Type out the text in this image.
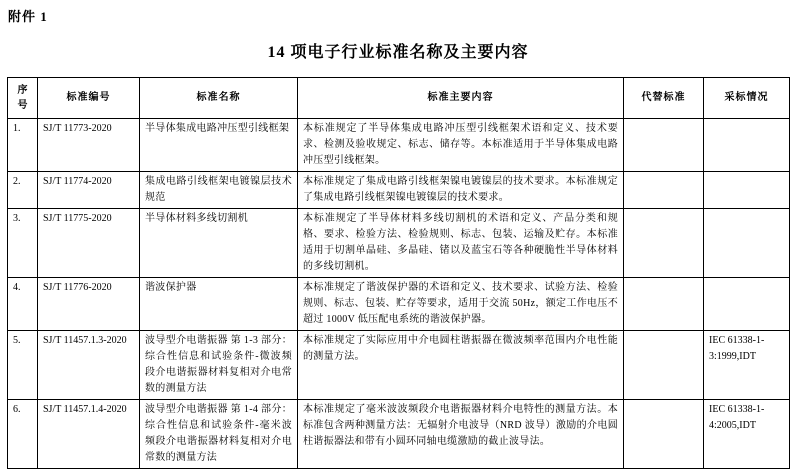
附件 1
14 项电子行业标准名称及主要内容
序号	标准编号	标准名称	标准主要内容	代替标准	采标情况
1.	SJ/T 11773-2020	半导体集成电路冲压型引线框架	本标准规定了半导体集成电路冲压型引线框架术语和定义、技术要求、检测及验收规定、标志、储存等。本标准适用于半导体集成电路冲压型引线框架。		
2.	SJ/T 11774-2020	集成电路引线框架电镀镍层技术规范	本标准规定了集成电路引线框架镍电镀镍层的技术要求。本标准规定了集成电路引线框架镍电镀镍层的技术要求。		
3.	SJ/T 11775-2020	半导体材料多线切割机	本标准规定了半导体材料多线切割机的术语和定义、产品分类和规格、要求、检验方法、检验规则、标志、包装、运输及贮存。本标准适用于切割单晶硅、多晶硅、锗以及蓝宝石等各种硬脆性半导体材料的多线切割机。		
4.	SJ/T 11776-2020	谐波保护器	本标准规定了谐波保护器的术语和定义、技术要求、试验方法、检验规则、标志、包装、贮存等要求，适用于交流 50Hz，额定工作电压不超过 1000V 低压配电系统的谐波保护器。		
5.	SJ/T 11457.1.3-2020	波导型介电谐振器 第 1-3 部分：综合性信息和试验条件-微波频段介电谐振器材料复相对介电常数的测量方法	本标准规定了实际应用中介电圆柱谐振器在微波频率范围内介电性能的测量方法。		IEC 61338-1-3:1999,IDT
6.	SJ/T 11457.1.4-2020	波导型介电谐振器 第 1-4 部分：综合性信息和试验条件-毫米波频段介电谐振器材料复相对介电常数的测量方法	本标准规定了毫米波波频段介电谐振器材料介电特性的测量方法。本标准包含两种测量方法：无辐射介电波导（NRD 波导）激励的介电圆柱谐振器法和带有小圆环同轴电缆激励的截止波导法。		IEC 61338-1-4:2005,IDT
